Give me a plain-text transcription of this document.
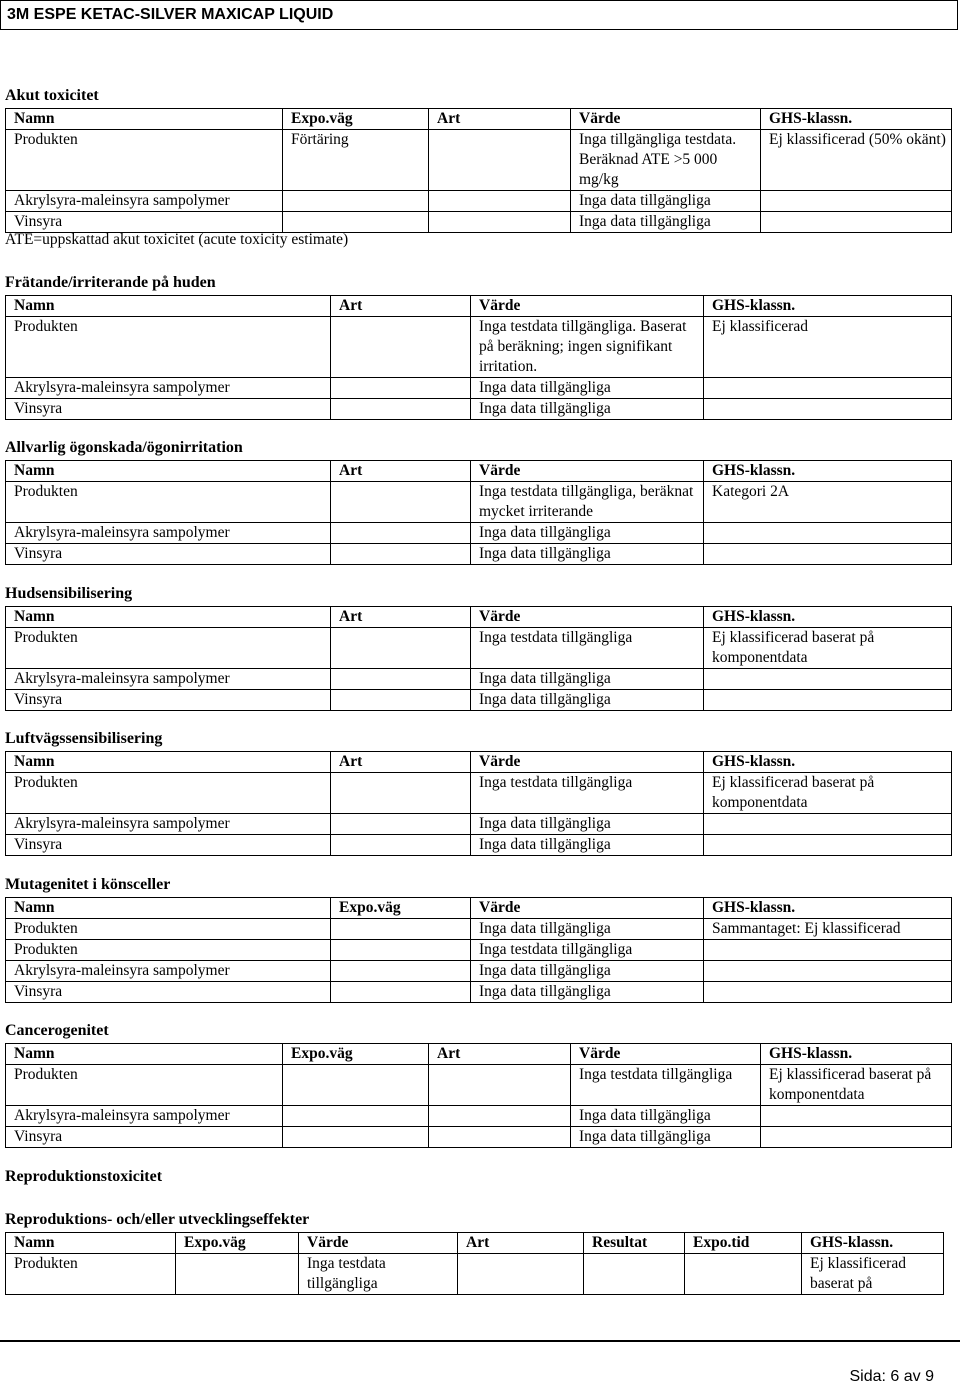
3M ESPE KETAC-SILVER MAXICAP LIQUID
Akut toxicitet
Namn	Expo.väg	Art	Värde	GHS-klassn.
Produkten	Förtäring		Inga tillgängliga testdata. Beräknad ATE >5 000 mg/kg	Ej klassificerad (50% okänt)
Akrylsyra-maleinsyra sampolymer			Inga data tillgängliga	
Vinsyra			Inga data tillgängliga	
ATE=uppskattad akut toxicitet (acute toxicity estimate)
Frätande/irriterande på huden
Namn	Art	Värde	GHS-klassn.
Produkten		Inga testdata tillgängliga. Baserat på beräkning; ingen signifikant irritation.	Ej klassificerad
Akrylsyra-maleinsyra sampolymer		Inga data tillgängliga	
Vinsyra		Inga data tillgängliga	
Allvarlig ögonskada/ögonirritation
Namn	Art	Värde	GHS-klassn.
Produkten		Inga testdata tillgängliga, beräknat mycket irriterande	Kategori 2A
Akrylsyra-maleinsyra sampolymer		Inga data tillgängliga	
Vinsyra		Inga data tillgängliga	
Hudsensibilisering
Namn	Art	Värde	GHS-klassn.
Produkten		Inga testdata tillgängliga	Ej klassificerad baserat på komponentdata
Akrylsyra-maleinsyra sampolymer		Inga data tillgängliga	
Vinsyra		Inga data tillgängliga	
Luftvägssensibilisering
Namn	Art	Värde	GHS-klassn.
Produkten		Inga testdata tillgängliga	Ej klassificerad baserat på komponentdata
Akrylsyra-maleinsyra sampolymer		Inga data tillgängliga	
Vinsyra		Inga data tillgängliga	
Mutagenitet i könsceller
Namn	Expo.väg	Värde	GHS-klassn.
Produkten		Inga data tillgängliga	Sammantaget: Ej klassificerad
Produkten		Inga testdata tillgängliga	
Akrylsyra-maleinsyra sampolymer		Inga data tillgängliga	
Vinsyra		Inga data tillgängliga	
Cancerogenitet
Namn	Expo.väg	Art	Värde	GHS-klassn.
Produkten			Inga testdata tillgängliga	Ej klassificerad baserat på komponentdata
Akrylsyra-maleinsyra sampolymer			Inga data tillgängliga	
Vinsyra			Inga data tillgängliga	
Reproduktionstoxicitet
Reproduktions- och/eller utvecklingseffekter
Namn	Expo.väg	Värde	Art	Resultat	Expo.tid	GHS-klassn.
Produkten		Inga testdata tillgängliga				Ej klassificerad baserat på
Sida: 6 av 9
